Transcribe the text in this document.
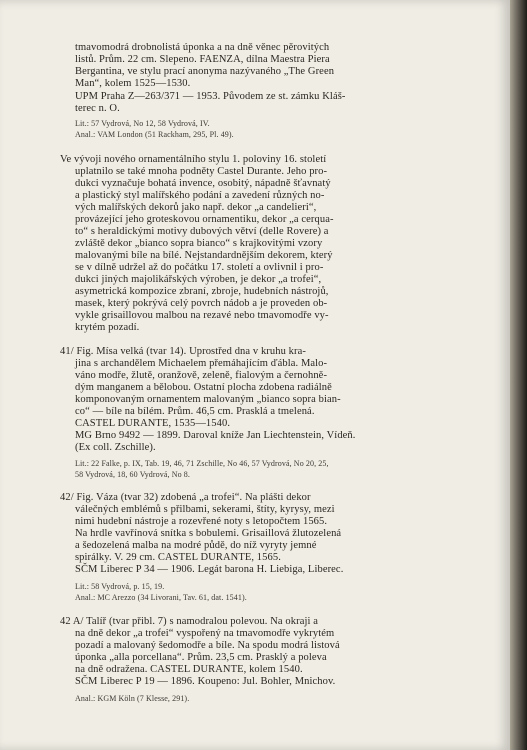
tmavomodrá drobnolistá úponka a na dně věnec pěrovitých
listů. Prům. 22 cm. Slepeno. FAENZA, dílna Maestra Piera
Bergantina, ve stylu prací anonyma nazývaného „The Green
Man“, kolem 1525—1530.
UPM Praha Z—263/371 — 1953. Původem ze st. zámku Kláš-
terec n. O.
Lit.: 57 Vydrová, No 12, 58 Vydrová, IV.
Anal.: VAM London (51 Rackham, 295, Pl. 49).
Ve vývoji nového ornamentálního stylu 1. poloviny 16. století
uplatnilo se také mnoha podněty Castel Durante. Jeho pro-
dukci vyznačuje bohatá invence, osobitý, nápadně šťavnatý
a plastický styl malířského podání a zavedení různých no-
vých malířských dekorů jako např. dekor „a candelieri“,
provázející jeho groteskovou ornamentiku, dekor „a cerqua-
to“ s heraldickými motivy dubových větví (delle Rovere) a
zvláště dekor „bianco sopra bianco“ s krajkovitými vzory
malovanými bíle na bílé. Nejstandardnějším dekorem, který
se v dílně udržel až do počátku 17. století a ovlivnil i pro-
dukci jiných majolikářských výroben, je dekor „a trofei“,
asymetrická kompozice zbraní, zbroje, hudebních nástrojů,
masek, který pokrývá celý povrch nádob a je proveden ob-
vykle grisaillovou malbou na rezavé nebo tmavomodře vy-
krytém pozadí.
41/ Fig. Mísa velká (tvar 14). Uprostřed dna v kruhu kra-
jina s archandělem Michaelem přemáhajícím ďábla. Malo-
váno modře, žlutě, oranžově, zeleně, fialovým a černohně-
dým manganem a bělobou. Ostatní plocha zdobena radiálně
komponovaným ornamentem malovaným „bianco sopra bian-
co“ — bíle na bílém. Prům. 46,5 cm. Prasklá a tmelená.
CASTEL DURANTE, 1535—1540.
MG Brno 9492 — 1899. Daroval kníže Jan Liechtenstein, Vídeň.
(Ex coll. Zschille).
Lit.: 22 Falke, p. IX, Tab. 19, 46, 71 Zschille, No 46, 57 Vydrová, No 20, 25,
58 Vydrová, 18, 60 Vydrová, No 8.
42/ Fig. Váza (tvar 32) zdobená „a trofei“. Na plášti dekor
válečných emblémů s přilbami, sekerami, štíty, kyrysy, mezi
nimi hudební nástroje a rozevřené noty s letopočtem 1565.
Na hrdle vavřínová snítka s bobulemi. Grisaillová žlutozelená
a šedozelená malba na modré půdě, do níž vyryty jemné
spirálky. V. 29 cm. CASTEL DURANTE, 1565.
SČM Liberec P 34 — 1906. Legát barona H. Liebiga, Liberec.
Lit.: 58 Vydrová, p. 15, 19.
Anal.: MC Arezzo (34 Livorani, Tav. 61, dat. 1541).
42 A/ Talíř (tvar přibl. 7) s namodralou polevou. Na okraji a
na dně dekor „a trofei“ vyspořený na tmavomodře vykrytém
pozadí a malovaný šedomodře a bíle. Na spodu modrá listová
úponka „alla porcellana“. Prům. 23,5 cm. Prasklý a poleva
na dně odražena. CASTEL DURANTE, kolem 1540.
SČM Liberec P 19 — 1896. Koupeno: Jul. Bohler, Mnichov.
Anal.: KGM Köln (7 Klesse, 291).
